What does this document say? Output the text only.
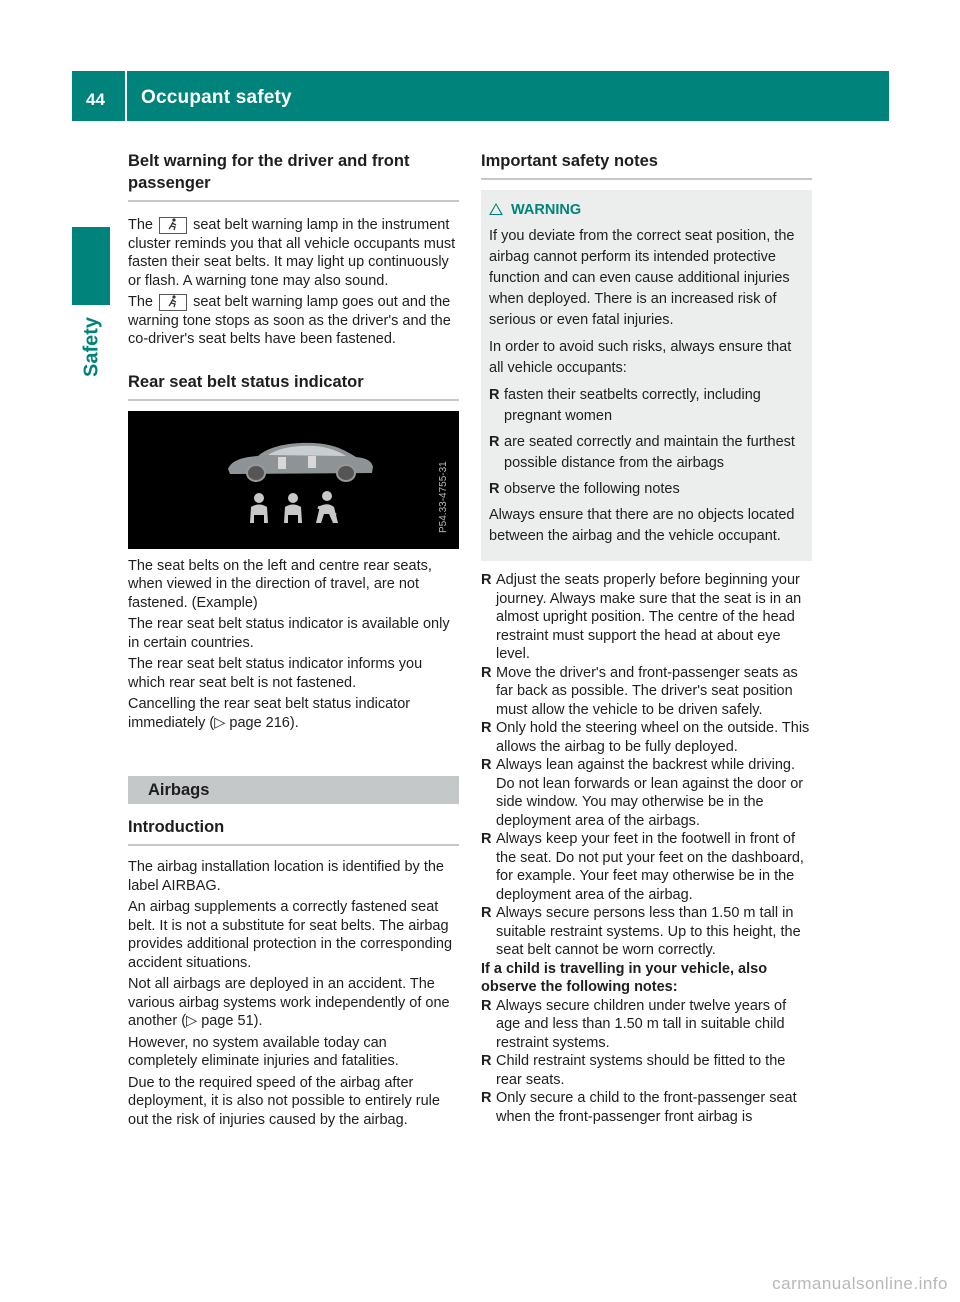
44 Occupant safety
Safety
Belt warning for the driver and front passenger

The	seat belt warning lamp in the instrument cluster reminds you that all vehicle occupants must fasten their seat belts. It may light up continuously or flash. A warning tone may also sound.

The	seat belt warning lamp goes out and the warning tone stops as soon as the driver's and the co-driver's seat belts have been fastened.

Rear seat belt status indicator
P54.33-4755-31

The seat belts on the left and centre rear seats, when viewed in the direction of travel, are not fastened. (Example)

The rear seat belt status indicator is available only in certain countries.

The rear seat belt status indicator informs you which rear seat belt is not fastened.

Cancelling the rear seat belt status indicator immediately (▷ page 216).

Airbags
Introduction

The airbag installation location is identified by the label AIRBAG.

An airbag supplements a correctly fastened seat belt. It is not a substitute for seat belts. The airbag provides additional protection in the corresponding accident situations.

Not all airbags are deployed in an accident. The various airbag systems work independently of one another (▷ page 51).

However, no system available today can completely eliminate injuries and fatalities.

Due to the required speed of the airbag after deployment, it is also not possible to entirely rule out the risk of injuries caused by the airbag.

Important safety notes
WARNING

If you deviate from the correct seat position, the airbag cannot perform its intended protective function and can even cause additional injuries when deployed. There is an increased risk of serious or even fatal injuries.

In order to avoid such risks, always ensure that all vehicle occupants:

R fasten their seatbelts correctly, including pregnant women
R are seated correctly and maintain the furthest possible distance from the airbags
R observe the following notes

Always ensure that there are no objects located between the airbag and the vehicle occupant.

R Adjust the seats properly before beginning your journey. Always make sure that the seat is in an almost upright position. The centre of the head restraint must support the head at about eye level.
R Move the driver's and front-passenger seats as far back as possible. The driver's seat position must allow the vehicle to be driven safely.
R Only hold the steering wheel on the outside. This allows the airbag to be fully deployed.
R Always lean against the backrest while driving. Do not lean forwards or lean against the door or side window. You may otherwise be in the deployment area of the airbags.
R Always keep your feet in the footwell in front of the seat. Do not put your feet on the dashboard, for example. Your feet may otherwise be in the deployment area of the airbag.
R Always secure persons less than 1.50 m tall in suitable restraint systems. Up to this height, the seat belt cannot be worn correctly.

If a child is travelling in your vehicle, also observe the following notes:

R Always secure children under twelve years of age and less than 1.50 m tall in suitable child restraint systems.
R Child restraint systems should be fitted to the rear seats.
R Only secure a child to the front-passenger seat when the front-passenger front airbag is
carmanualsonline.info
